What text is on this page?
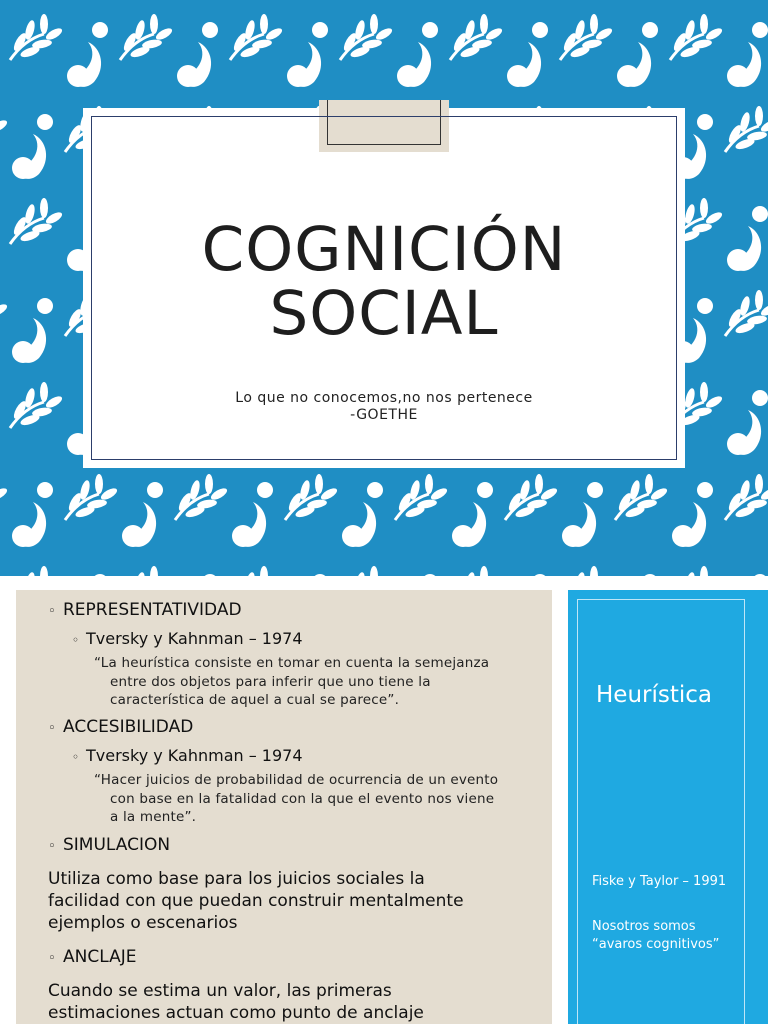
COGNICIÓN
SOCIAL
Lo que no conocemos,no nos pertenece
-GOETHE
◦ REPRESENTATIVIDAD
◦ Tversky y Kahnman – 1974
“La heurística consiste en tomar en cuenta la semejanza entre dos objetos para inferir que uno tiene la característica de aquel a cual se parece”.
◦ ACCESIBILIDAD
◦ Tversky y Kahnman – 1974
“Hacer juicios de probabilidad de ocurrencia de un evento con base en la fatalidad con la que el evento nos viene a la mente”.
◦ SIMULACION
Utiliza como base para los juicios sociales la facilidad con que puedan construir mentalmente ejemplos o escenarios
◦ ANCLAJE
Cuando se estima un valor, las primeras estimaciones actuan como punto de anclaje
Heurística
Fiske y Taylor – 1991
Nosotros somos “avaros cognitivos”
